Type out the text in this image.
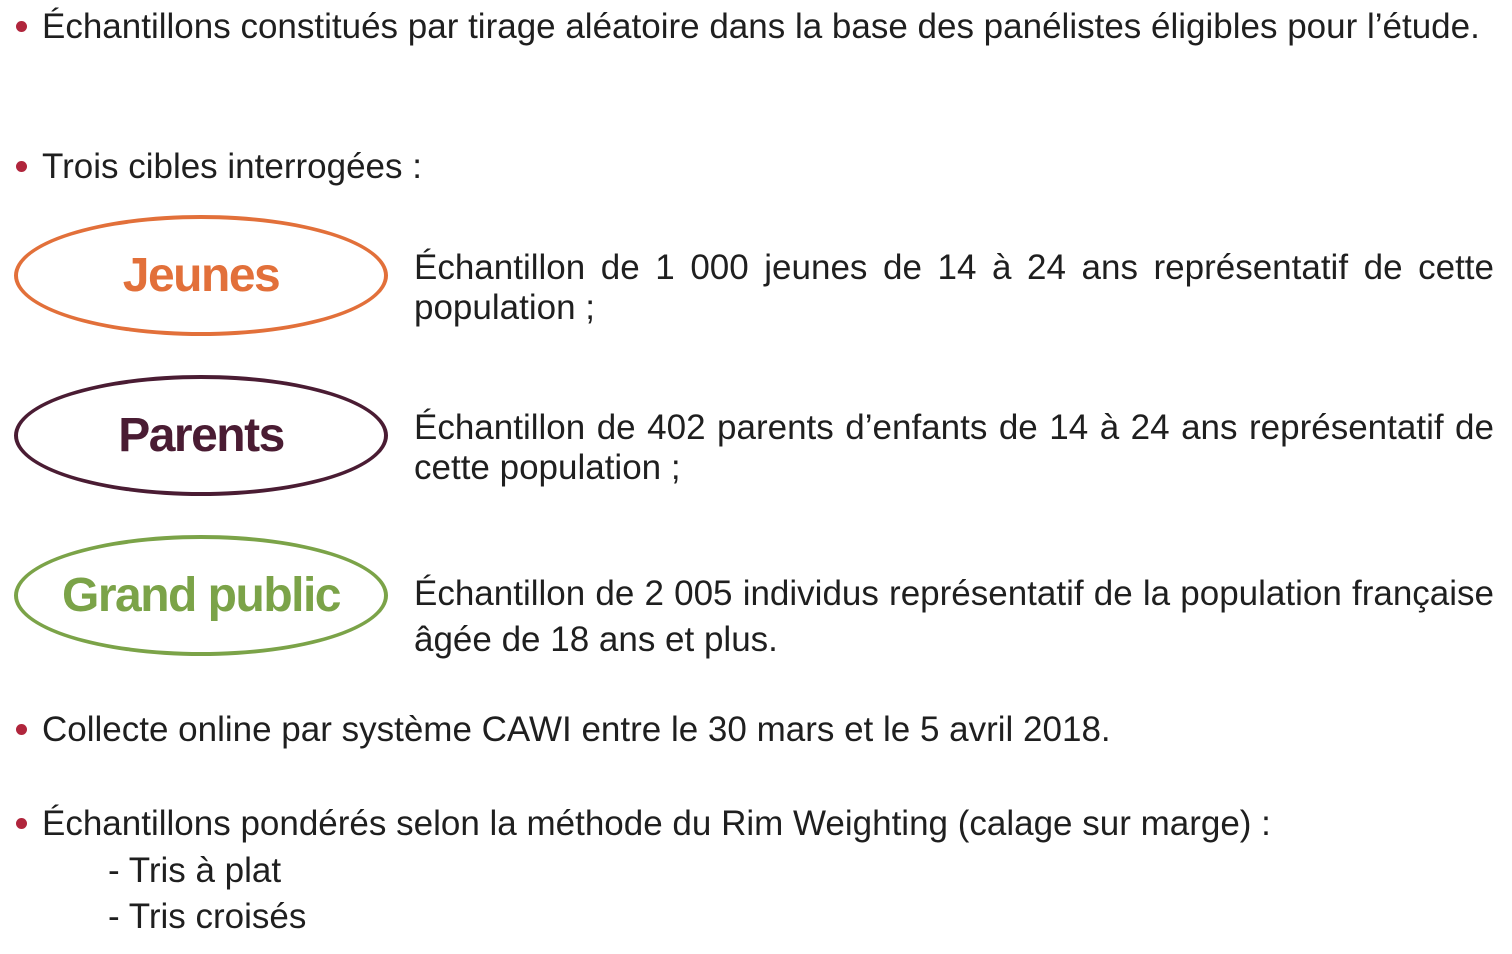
Échantillons constitués par tirage aléatoire dans la base des panélistes éligibles pour l’étude.
Trois cibles interrogées :
Jeunes	Échantillon de 1 000 jeunes de 14 à 24 ans représentatif de cette population ;
Parents	Échantillon de 402 parents d’enfants de 14 à 24 ans représentatif de cette population ;
Grand public Échantillon de 2 005 individus représentatif de la population française âgée de 18 ans et plus.
Collecte online par système CAWI entre le 30 mars et le 5 avril 2018.
Échantillons pondérés selon la méthode du Rim Weighting (calage sur marge) :
- Tris à plat
- Tris croisés
